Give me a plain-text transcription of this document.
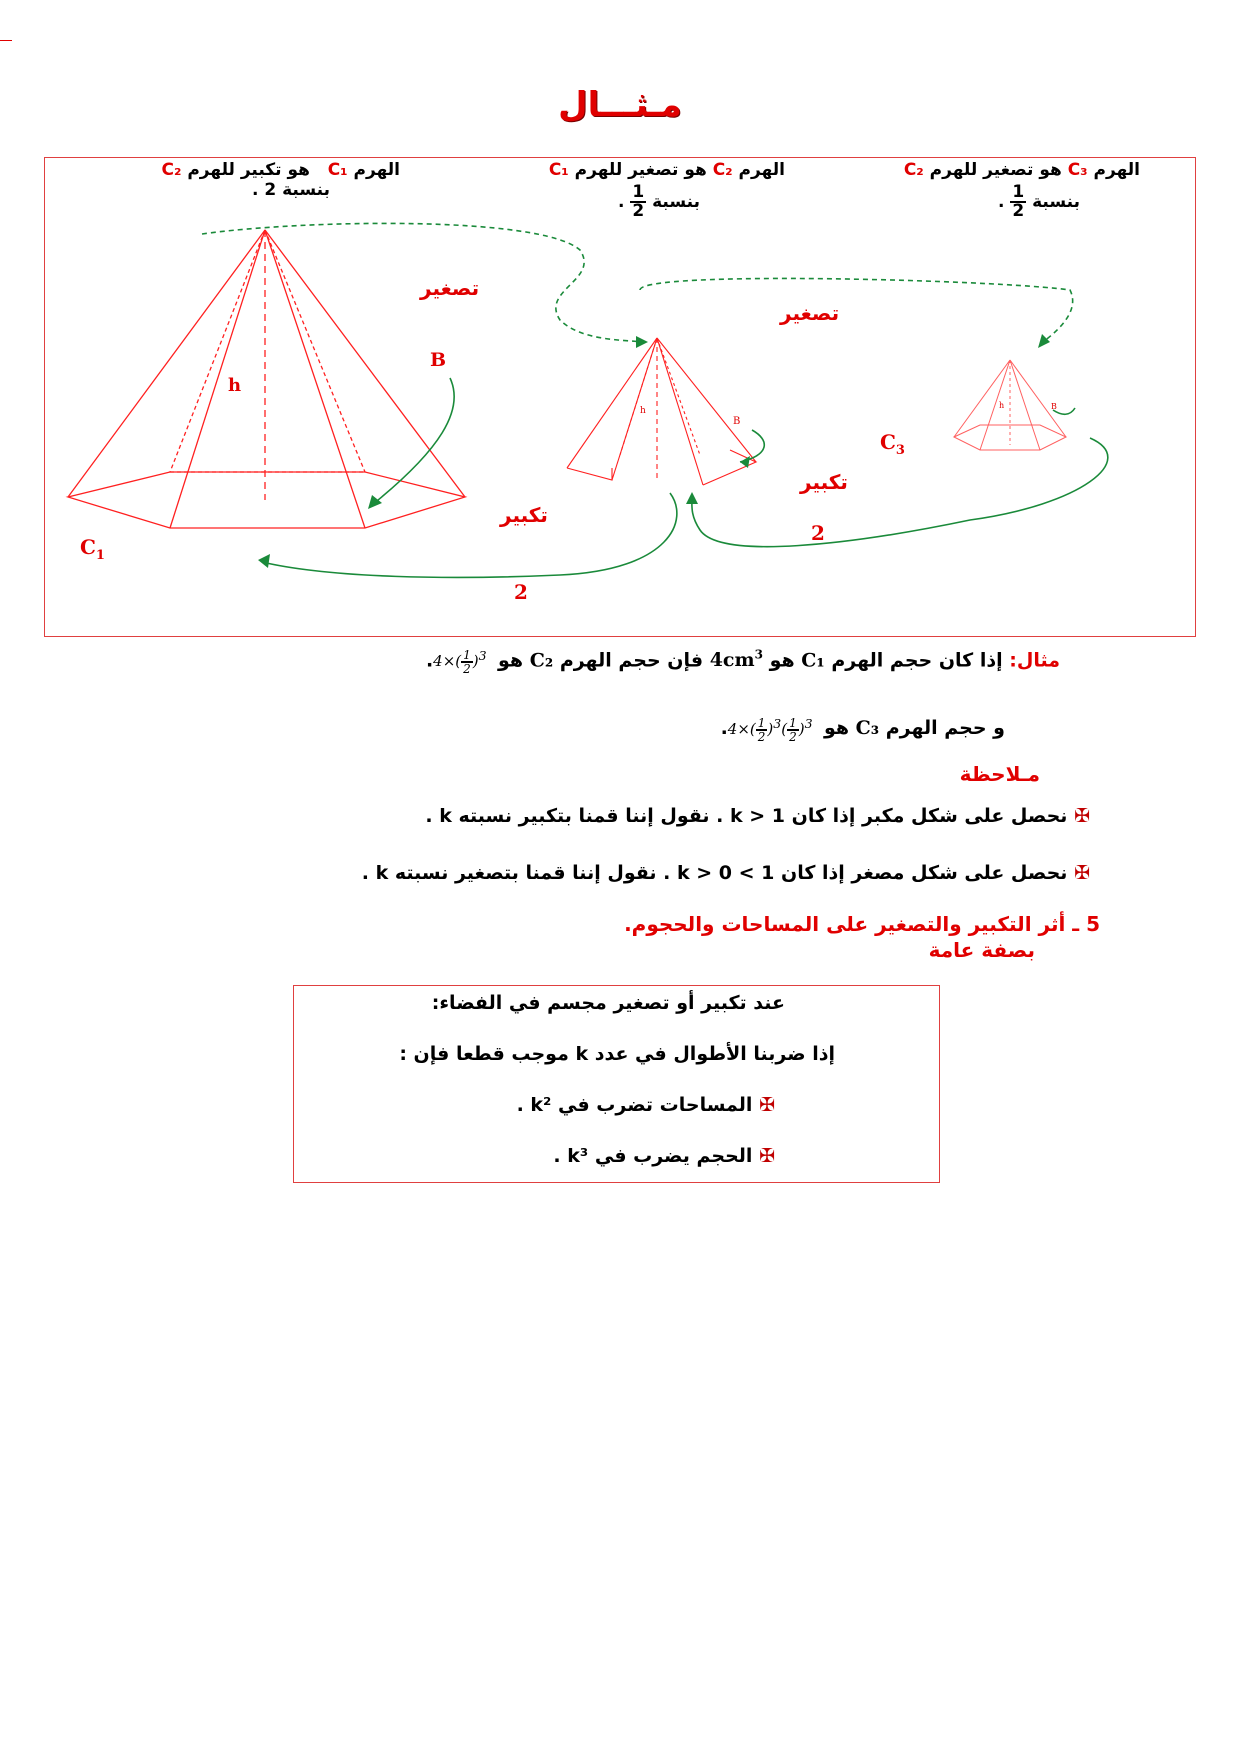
مـثـــال
الهرم C₃ هو تصغير للهرم C₂
بنسبة
$\frac{1}{2}$
.
الهرم C₂ هو تصغير للهرم C₁
بنسبة
$\frac{1}{2}$
.
الهرم C₁   هو تكبير للهرم C₂
بنسبة 2 .
تصغير
تصغير
تكبير
تكبير
2
2
$C_1$
$C_3$
h
B
h
B
h	B
مثال: إذا كان حجم الهرم C₁ هو $4cm^3$ فإن حجم الهرم C₂ هو $4\times( \frac{1}{2} )^3$ .
و حجم الهرم C₃ هو $4\times( \frac{1}{2} )^3( \frac{1}{2} )^3$ .
مـلاحظة
✠ نحصل على شكل مكبر إذا كان 1 < k . نقول إننا قمنا بتكبير نسبته k .
✠ نحصل على شكل مصغر إذا كان 1 > k > 0 . نقول إننا قمنا بتصغير نسبته k .
5 ـ أثر التكبير والتصغير على المساحات والحجوم.
بصفة عامة
عند تكبير أو تصغير مجسم في الفضاء:
إذا ضربنا الأطوال في عدد k موجب قطعا فإن :
✠ المساحات تضرب في k² .
✠ الحجم يضرب في k³ .
